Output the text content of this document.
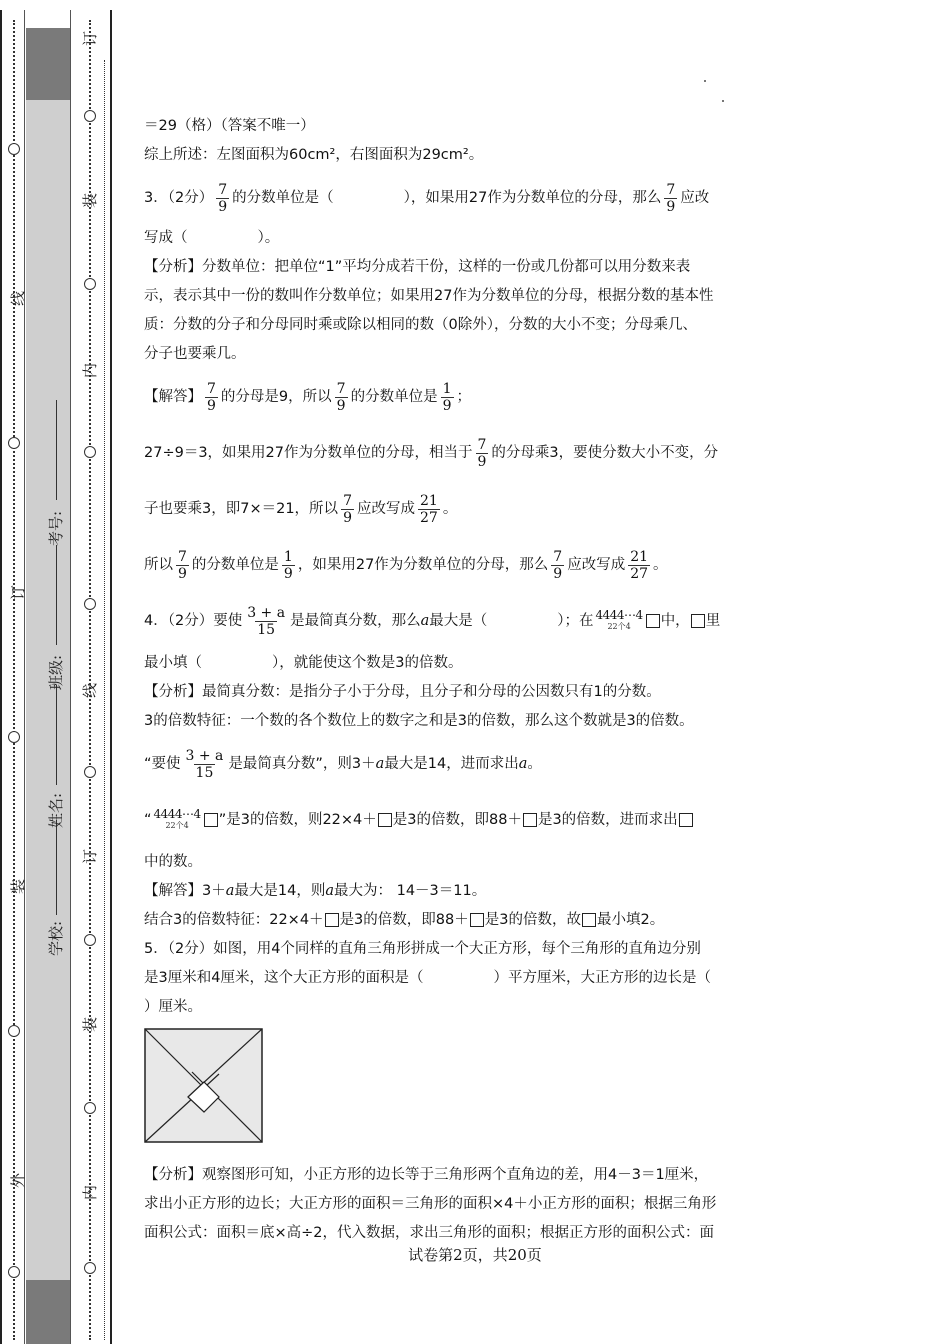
外
装
订
线
学校:
姓名:
班级:
考号:
订
装
内
线
内
订
装
＝29（格）（答案不唯一）
综上所述：左图面积为60cm²，右图面积为29cm²。
3．（2分） $\frac{7}{9}$ 的分数单位是（	），如果用27作为分数单位的分母，那么 $\frac{7}{9}$ 应改
写成（	）。
【分析】分数单位：把单位“1”平均分成若干份，这样的一份或几份都可以用分数来表
示，表示其中一份的数叫作分数单位；如果用27作为分数单位的分母，根据分数的基本性
质：分数的分子和分母同时乘或除以相同的数（0除外），分数的大小不变；分母乘几、
分子也要乘几。
【解答】 $\frac{7}{9}$ 的分母是9，所以 $\frac{7}{9}$ 的分数单位是 $\frac{1}{9}$ ；
27÷9＝3，如果用27作为分数单位的分母，相当于 $\frac{7}{9}$ 的分母乘3，要使分数大小不变，分
子也要乘3，即7×＝21，所以 $\frac{7}{9}$ 应改写成 $\frac{21}{27}$ 。
所以 $\frac{7}{9}$ 的分数单位是 $\frac{1}{9}$ ，如果用27作为分数单位的分母，那么 $\frac{7}{9}$ 应改写成 $\frac{21}{27}$ 。
4．（2分）要使 $\frac{3 + a}{15}$ 是最简真分数，那么 a 最大是（	）；在 4444⋯4
22个4 中， 里
最小填（	），就能使这个数是3的倍数。
【分析】最简真分数：是指分子小于分母，且分子和分母的公因数只有1的分数。
3的倍数特征：一个数的各个数位上的数字之和是3的倍数，那么这个数就是3的倍数。
“要使 $\frac{3 + a}{15}$ 是最简真分数”，则3＋ a 最大是14，进而求出 a 。
“ 4444⋯4
22个4 ”是3的倍数，则22×4＋ 是3的倍数，即88＋ 是3的倍数，进而求出
中的数。
【解答】3＋a最大是14，则a最大为： 14－3＝11。
结合3的倍数特征：22×4＋ 是3的倍数，即88＋ 是3的倍数，故 最小填2。
5．（2分）如图，用4个同样的直角三角形拼成一个大正方形，每个三角形的直角边分别
是3厘米和4厘米，这个大正方形的面积是（	）平方厘米，大正方形的边长是（
）厘米。
【分析】观察图形可知，小正方形的边长等于三角形两个直角边的差，用4－3＝1厘米，
求出小正方形的边长；大正方形的面积＝三角形的面积×4＋小正方形的面积；根据三角形
面积公式：面积＝底×高÷2，代入数据，求出三角形的面积；根据正方形的面积公式：面
试卷第2页，共20页
